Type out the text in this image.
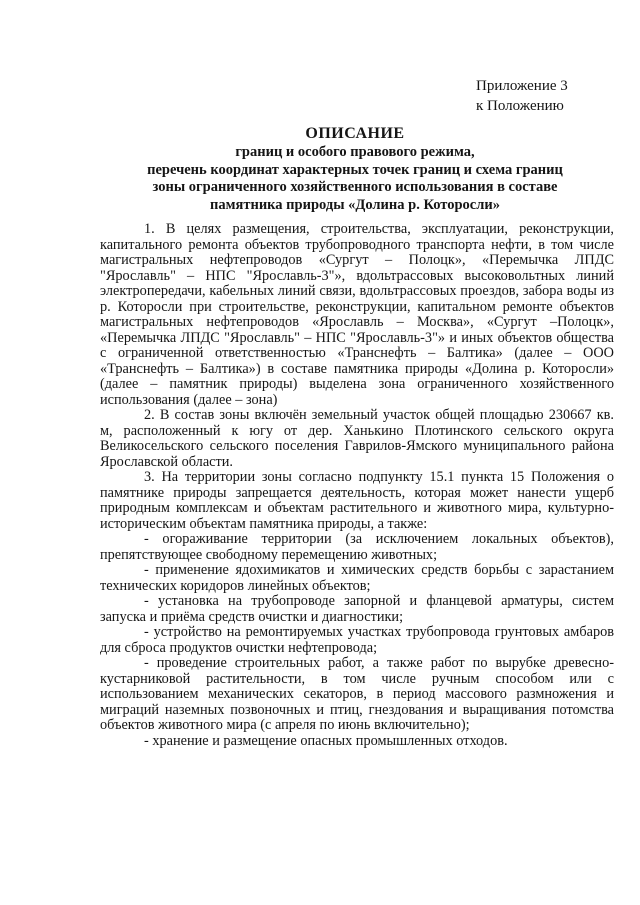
Приложение 3
к Положению
ОПИСАНИЕ
границ и особого правового режима,
перечень координат характерных точек границ и схема границ
зоны ограниченного хозяйственного использования в составе
памятника природы «Долина р. Которосли»

1. В целях размещения, строительства, эксплуатации, реконструкции, капитального ремонта объектов трубопроводного транспорта нефти, в том числе магистральных нефтепроводов «Сургут – Полоцк», «Перемычка ЛПДС "Ярославль" – НПС "Ярославль-3"», вдольтрассовых высоковольтных линий электропередачи, кабельных линий связи, вдольтрассовых проездов, забора воды из р. Которосли при строительстве, реконструкции, капитальном ремонте объектов магистральных нефтепроводов «Ярославль – Москва», «Сургут –Полоцк», «Перемычка ЛПДС "Ярославль" – НПС "Ярославль-3"» и иных объектов общества с ограниченной ответственностью «Транснефть – Балтика» (далее – ООО «Транснефть – Балтика») в составе памятника природы «Долина р. Которосли» (далее – памятник природы) выделена зона ограниченного хозяйственного использования (далее – зона)

2. В состав зоны включён земельный участок общей площадью 230667 кв. м, расположенный к югу от дер. Ханькино Плотинского сельского округа Великосельского сельского поселения Гаврилов-Ямского муниципального района Ярославской области.

3. На территории зоны согласно подпункту 15.1 пункта 15 Положения о памятнике природы запрещается деятельность, которая может нанести ущерб природным комплексам и объектам растительного и животного мира, культурно-историческим объектам памятника природы, а также:

- огораживание территории (за исключением локальных объектов), препятствующее свободному перемещению животных;

- применение ядохимикатов и химических средств борьбы с зарастанием технических коридоров линейных объектов;

- установка на трубопроводе запорной и фланцевой арматуры, систем запуска и приёма средств очистки и диагностики;

- устройство на ремонтируемых участках трубопровода грунтовых амбаров для сброса продуктов очистки нефтепровода;

- проведение строительных работ, а также работ по вырубке древесно-кустарниковой растительности, в том числе ручным способом или с использованием механических секаторов, в период массового размножения и миграций наземных позвоночных и птиц, гнездования и выращивания потомства объектов животного мира (с апреля по июнь включительно);

- хранение и размещение опасных промышленных отходов.
